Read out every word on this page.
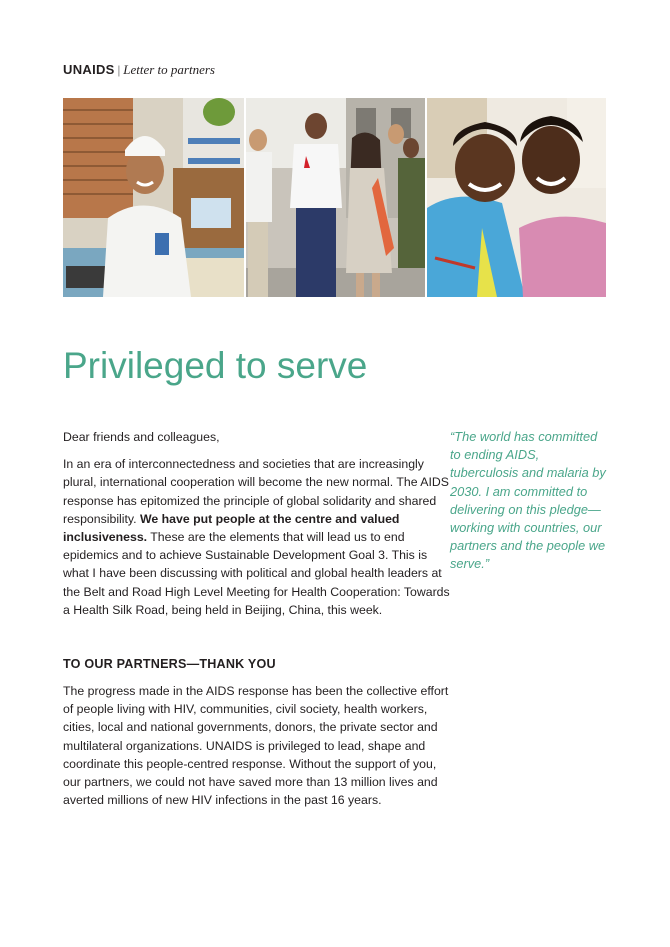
UNAIDS | Letter to partners
Privileged to serve

Dear friends and colleagues,

In an era of interconnectedness and societies that are increasingly plural, international cooperation will become the new normal. The AIDS response has epitomized the principle of global solidarity and shared responsibility. We have put people at the centre and valued inclusiveness. These are the elements that will lead us to end epidemics and to achieve Sustainable Development Goal 3. This is what I have been discussing with political and global health leaders at the Belt and Road High Level Meeting for Health Cooperation: Towards a Health Silk Road, being held in Beijing, China, this week.

“The world has committed to ending AIDS, tuberculosis and malaria by 2030. I am committed to delivering on this pledge—working with countries, our partners and the people we serve.”
TO OUR PARTNERS—THANK YOU

The progress made in the AIDS response has been the collective effort of people living with HIV, communities, civil society, health workers, cities, local and national governments, donors, the private sector and multilateral organizations. UNAIDS is privileged to lead, shape and coordinate this people-centred response. Without the support of you, our partners, we could not have saved more than 13 million lives and averted millions of new HIV infections in the past 16 years.
